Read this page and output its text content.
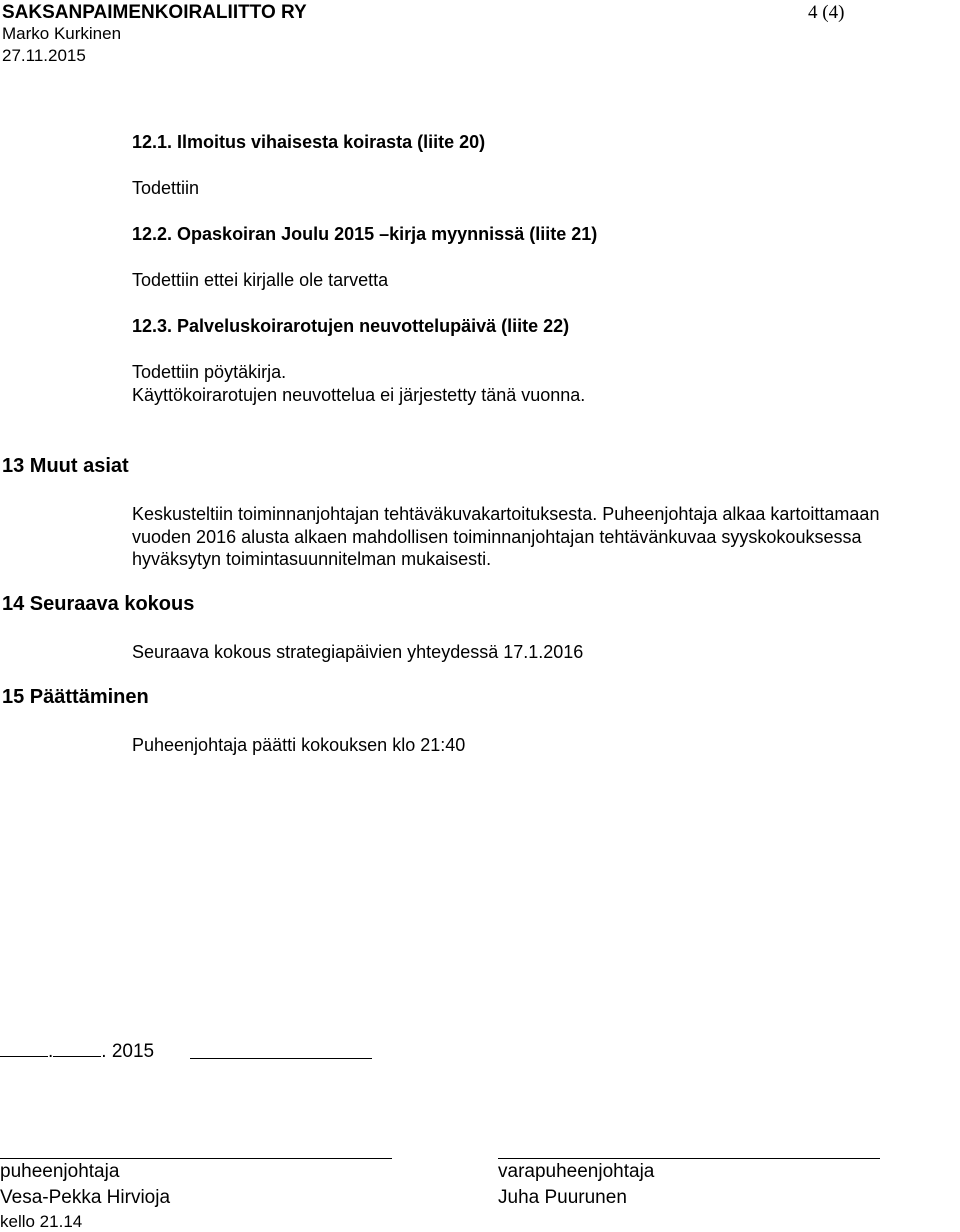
SAKSANPAIMENKOIRALIITTO RY
Marko Kurkinen
27.11.2015
4 (4)
12.1. Ilmoitus vihaisesta koirasta (liite 20)
Todettiin
12.2. Opaskoiran Joulu 2015 –kirja myynnissä (liite 21)
Todettiin ettei kirjalle ole tarvetta
12.3. Palveluskoirarotujen neuvottelupäivä (liite 22)
Todettiin pöytäkirja.
Käyttökoirarotujen neuvottelua ei järjestetty tänä vuonna.
13 Muut asiat
Keskusteltiin toiminnanjohtajan tehtäväkuvakartoituksesta. Puheenjohtaja alkaa kartoittamaan
vuoden 2016 alusta alkaen mahdollisen toiminnanjohtajan tehtävänkuvaa syyskokouksessa
hyväksytyn toimintasuunnitelman mukaisesti.
14 Seuraava kokous
Seuraava kokous strategiapäivien yhteydessä 17.1.2016
15 Päättäminen
Puheenjohtaja päätti kokouksen klo 21:40
.	. 2015
puheenjohtaja
Vesa-Pekka Hirvioja
varapuheenjohtaja
Juha Puurunen
kello 21.14
